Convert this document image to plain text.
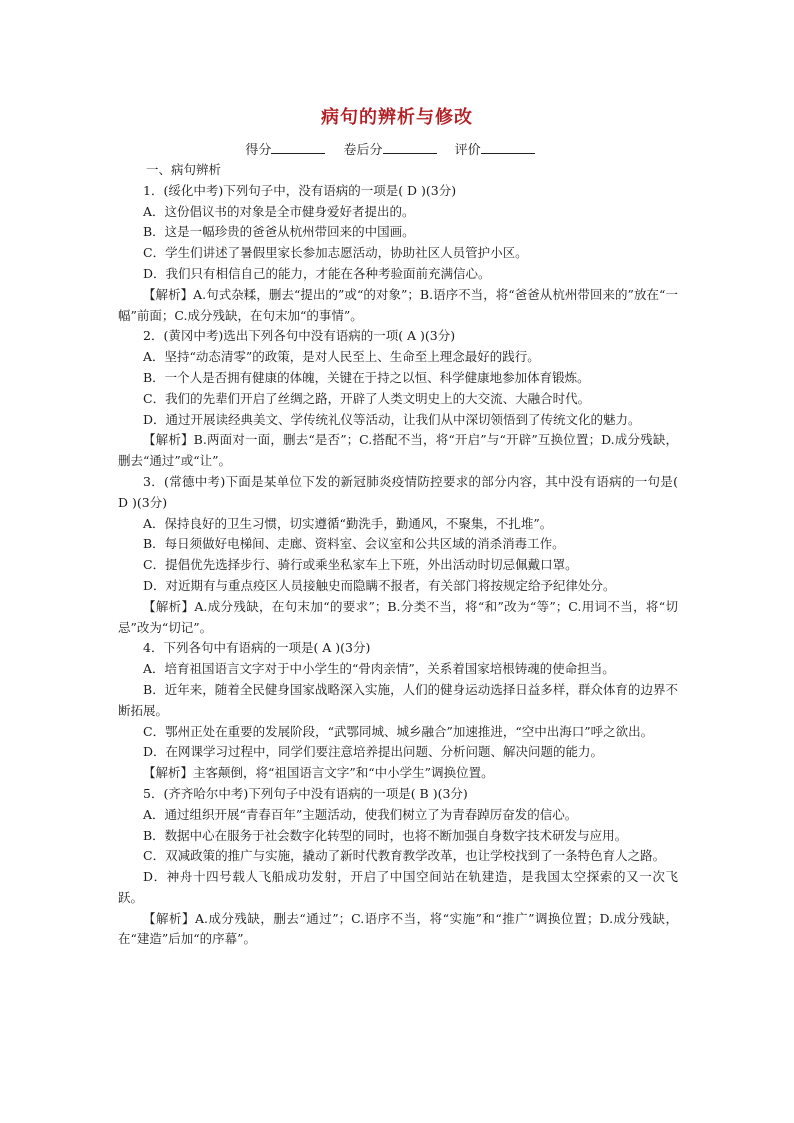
病句的辨析与修改
得分	卷后分	评价

一、病句辨析

1．(绥化中考)下列句子中，没有语病的一项是( D )(3分)

A．这份倡议书的对象是全市健身爱好者提出的。

B．这是一幅珍贵的爸爸从杭州带回来的中国画。

C．学生们讲述了暑假里家长参加志愿活动，协助社区人员管护小区。

D．我们只有相信自己的能力，才能在各种考验面前充满信心。

【解析】A.句式杂糅，删去“提出的”或“的对象”；B.语序不当，将“爸爸从杭州带回来的”放在“一幅”前面；C.成分残缺，在句末加“的事情”。

2．(黄冈中考)选出下列各句中没有语病的一项( A )(3分)

A．坚持“动态清零”的政策，是对人民至上、生命至上理念最好的践行。

B．一个人是否拥有健康的体魄，关键在于持之以恒、科学健康地参加体育锻炼。

C．我们的先辈们开启了丝绸之路，开辟了人类文明史上的大交流、大融合时代。

D．通过开展读经典美文、学传统礼仪等活动，让我们从中深切领悟到了传统文化的魅力。

【解析】B.两面对一面，删去“是否”；C.搭配不当，将“开启”与“开辟”互换位置；D.成分残缺，删去“通过”或“让”。

3．(常德中考)下面是某单位下发的新冠肺炎疫情防控要求的部分内容，其中没有语病的一句是( D )(3分)

A．保持良好的卫生习惯，切实遵循“勤洗手，勤通风，不聚集，不扎堆”。

B．每日须做好电梯间、走廊、资料室、会议室和公共区域的消杀消毒工作。

C．提倡优先选择步行、骑行或乘坐私家车上下班，外出活动时切忌佩戴口罩。

D．对近期有与重点疫区人员接触史而隐瞒不报者，有关部门将按规定给予纪律处分。

【解析】A.成分残缺，在句末加“的要求”；B.分类不当，将“和”改为“等”；C.用词不当，将“切忌”改为“切记”。

4．下列各句中有语病的一项是( A )(3分)

A．培育祖国语言文字对于中小学生的“骨肉亲情”，关系着国家培根铸魂的使命担当。

B．近年来，随着全民健身国家战略深入实施，人们的健身运动选择日益多样，群众体育的边界不断拓展。

C．鄂州正处在重要的发展阶段，“武鄂同城、城乡融合”加速推进，“空中出海口”呼之欲出。

D．在网课学习过程中，同学们要注意培养提出问题、分析问题、解决问题的能力。

【解析】主客颠倒，将“祖国语言文字”和“中小学生”调换位置。

5．(齐齐哈尔中考)下列句子中没有语病的一项是( B )(3分)

A．通过组织开展“青春百年”主题活动，使我们树立了为青春踔厉奋发的信心。

B．数据中心在服务于社会数字化转型的同时，也将不断加强自身数字技术研发与应用。

C．双减政策的推广与实施，撬动了新时代教育教学改革，也让学校找到了一条特色育人之路。

D．神舟十四号载人飞船成功发射，开启了中国空间站在轨建造，是我国太空探索的又一次飞跃。

【解析】A.成分残缺，删去“通过”；C.语序不当，将“实施”和“推广”调换位置；D.成分残缺，在“建造”后加“的序幕”。
